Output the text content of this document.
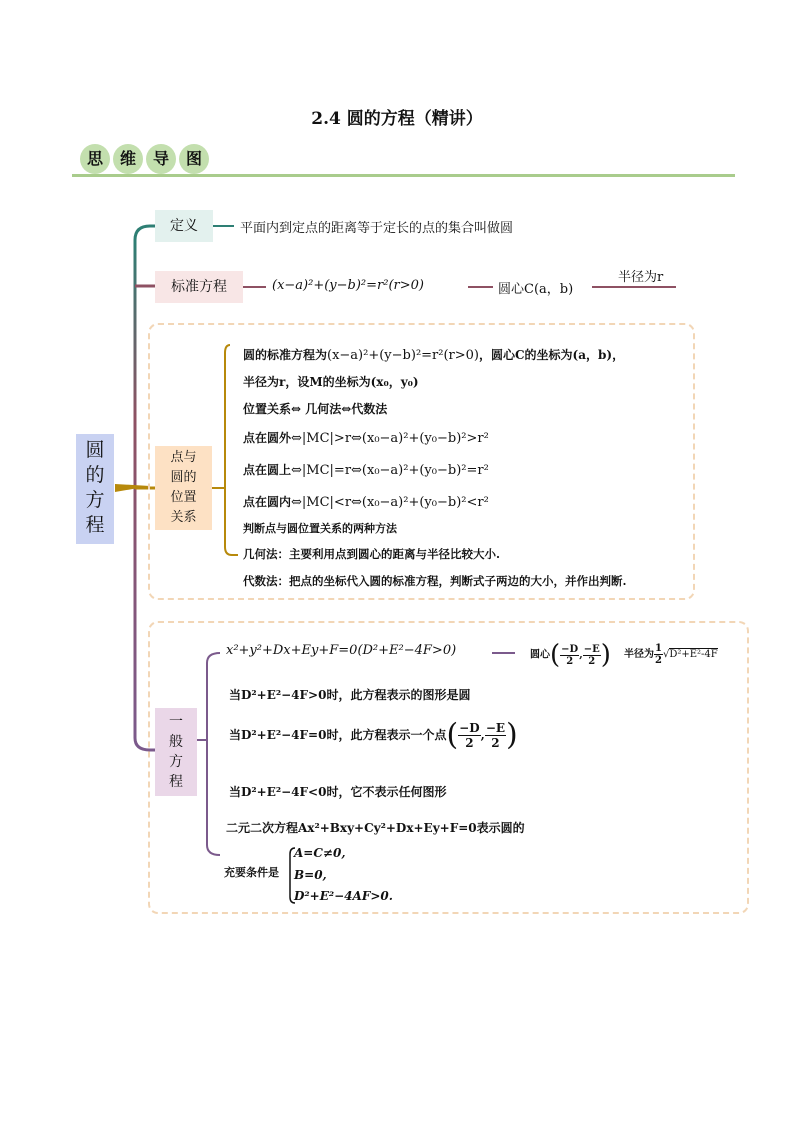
2.4 圆的方程（精讲）
思	维	导	图
圆
的
方
程
定义	平面内到定点的距离等于定长的点的集合叫做圆
标准方程	(x−a)²+(y−b)²=r²(r>0)	圆心C(a，b)
半径为r
点与
圆的
位置
关系
圆的标准方程为(x−a)²+(y−b)²=r²(r>0)，圆心C的坐标为(a，b)，
半径为r，设M的坐标为(x₀，y₀)
位置关系⇔ 几何法⇔代数法
点在圆外⇔|MC|>r⇔(x₀−a)²+(y₀−b)²>r²
点在圆上⇔|MC|=r⇔(x₀−a)²+(y₀−b)²=r²
点在圆内⇔|MC|<r⇔(x₀−a)²+(y₀−b)²<r²
判断点与圆位置关系的两种方法
几何法：主要利用点到圆心的距离与半径比较大小.
代数法：把点的坐标代入圆的标准方程，判断式子两边的大小，并作出判断.
一
般
方
程
x²+y²+Dx+Ey+F=0(D²+E²−4F>0)	圆心( $\frac{-D}{2}$ , $\frac{-E}{2}$ ) 半径为 $\frac{1}{2} √D^2+E^2-4F$
当D²+E²−4F>0时，此方程表示的图形是圆
当D²+E²−4F=0时，此方程表示一个点( $\frac{-D}{2}$ , $\frac{-E}{2}$ )
当D²+E²−4F<0时，它不表示任何图形
二元二次方程Ax²+Bxy+Cy²+Dx+Ey+F=0表示圆的
充要条件是
A=C≠0,
B=0,
D²+E²−4AF>0.
